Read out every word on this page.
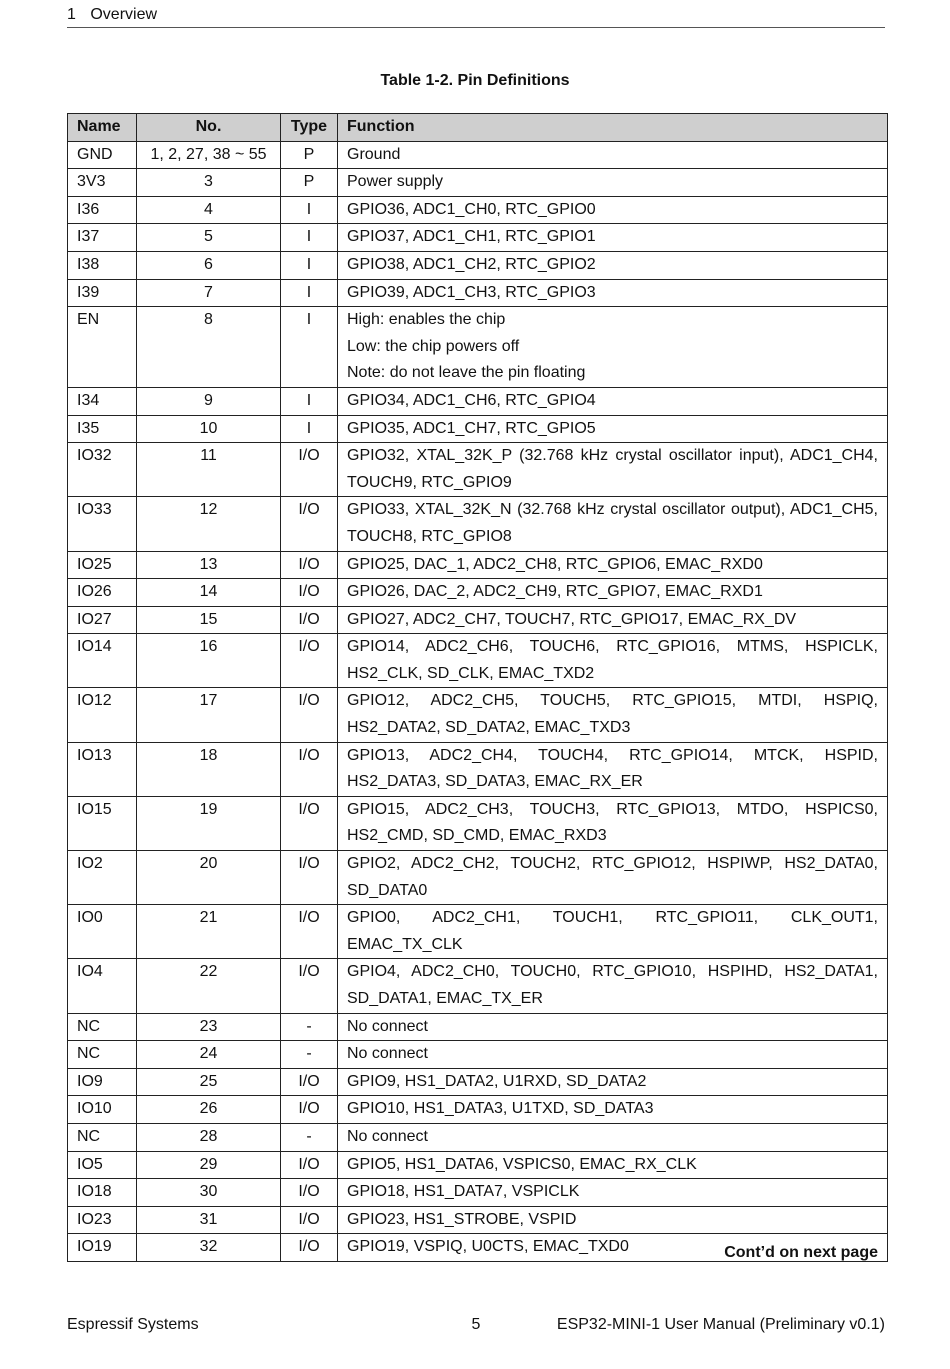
1 Overview
Table 1-2. Pin Definitions
Name	No.	Type	Function
GND	1, 2, 27, 38 ~ 55	P	Ground
3V3	3	P	Power supply
I36	4	I	GPIO36, ADC1_CH0, RTC_GPIO0
I37	5	I	GPIO37, ADC1_CH1, RTC_GPIO1
I38	6	I	GPIO38, ADC1_CH2, RTC_GPIO2
I39	7	I	GPIO39, ADC1_CH3, RTC_GPIO3
EN	8	I	High: enables the chip
Low: the chip powers off
Note: do not leave the pin floating

I34	9	I	GPIO34, ADC1_CH6, RTC_GPIO4
I35	10	I	GPIO35, ADC1_CH7, RTC_GPIO5
IO32	11	I/O	GPIO32, XTAL_32K_P (32.768 kHz crystal oscillator input), ADC1_CH4, TOUCH9, RTC_GPIO9
IO33	12	I/O	GPIO33, XTAL_32K_N (32.768 kHz crystal oscillator output), ADC1_CH5, TOUCH8, RTC_GPIO8
IO25	13	I/O	GPIO25, DAC_1, ADC2_CH8, RTC_GPIO6, EMAC_RXD0
IO26	14	I/O	GPIO26, DAC_2, ADC2_CH9, RTC_GPIO7, EMAC_RXD1
IO27	15	I/O	GPIO27, ADC2_CH7, TOUCH7, RTC_GPIO17, EMAC_RX_DV
IO14	16	I/O	GPIO14, ADC2_CH6, TOUCH6, RTC_GPIO16, MTMS, HSPICLK, HS2_CLK, SD_CLK, EMAC_TXD2
IO12	17	I/O	GPIO12, ADC2_CH5, TOUCH5, RTC_GPIO15, MTDI, HSPIQ, HS2_DATA2, SD_DATA2, EMAC_TXD3
IO13	18	I/O	GPIO13, ADC2_CH4, TOUCH4, RTC_GPIO14, MTCK, HSPID, HS2_DATA3, SD_DATA3, EMAC_RX_ER
IO15	19	I/O	GPIO15, ADC2_CH3, TOUCH3, RTC_GPIO13, MTDO, HSPICS0, HS2_CMD, SD_CMD, EMAC_RXD3
IO2	20	I/O	GPIO2, ADC2_CH2, TOUCH2, RTC_GPIO12, HSPIWP, HS2_DATA0, SD_DATA0
IO0	21	I/O	GPIO0, ADC2_CH1, TOUCH1, RTC_GPIO11, CLK_OUT1, EMAC_TX_CLK
IO4	22	I/O	GPIO4, ADC2_CH0, TOUCH0, RTC_GPIO10, HSPIHD, HS2_DATA1, SD_DATA1, EMAC_TX_ER
NC	23	-	No connect
NC	24	-	No connect
IO9	25	I/O	GPIO9, HS1_DATA2, U1RXD, SD_DATA2
IO10	26	I/O	GPIO10, HS1_DATA3, U1TXD, SD_DATA3
NC	28	-	No connect
IO5	29	I/O	GPIO5, HS1_DATA6, VSPICS0, EMAC_RX_CLK
IO18	30	I/O	GPIO18, HS1_DATA7, VSPICLK
IO23	31	I/O	GPIO23, HS1_STROBE, VSPID
IO19	32	I/O	GPIO19, VSPIQ, U0CTS, EMAC_TXD0	Cont’d on next page
Espressif Systems	5	ESP32-MINI-1 User Manual (Preliminary v0.1)
